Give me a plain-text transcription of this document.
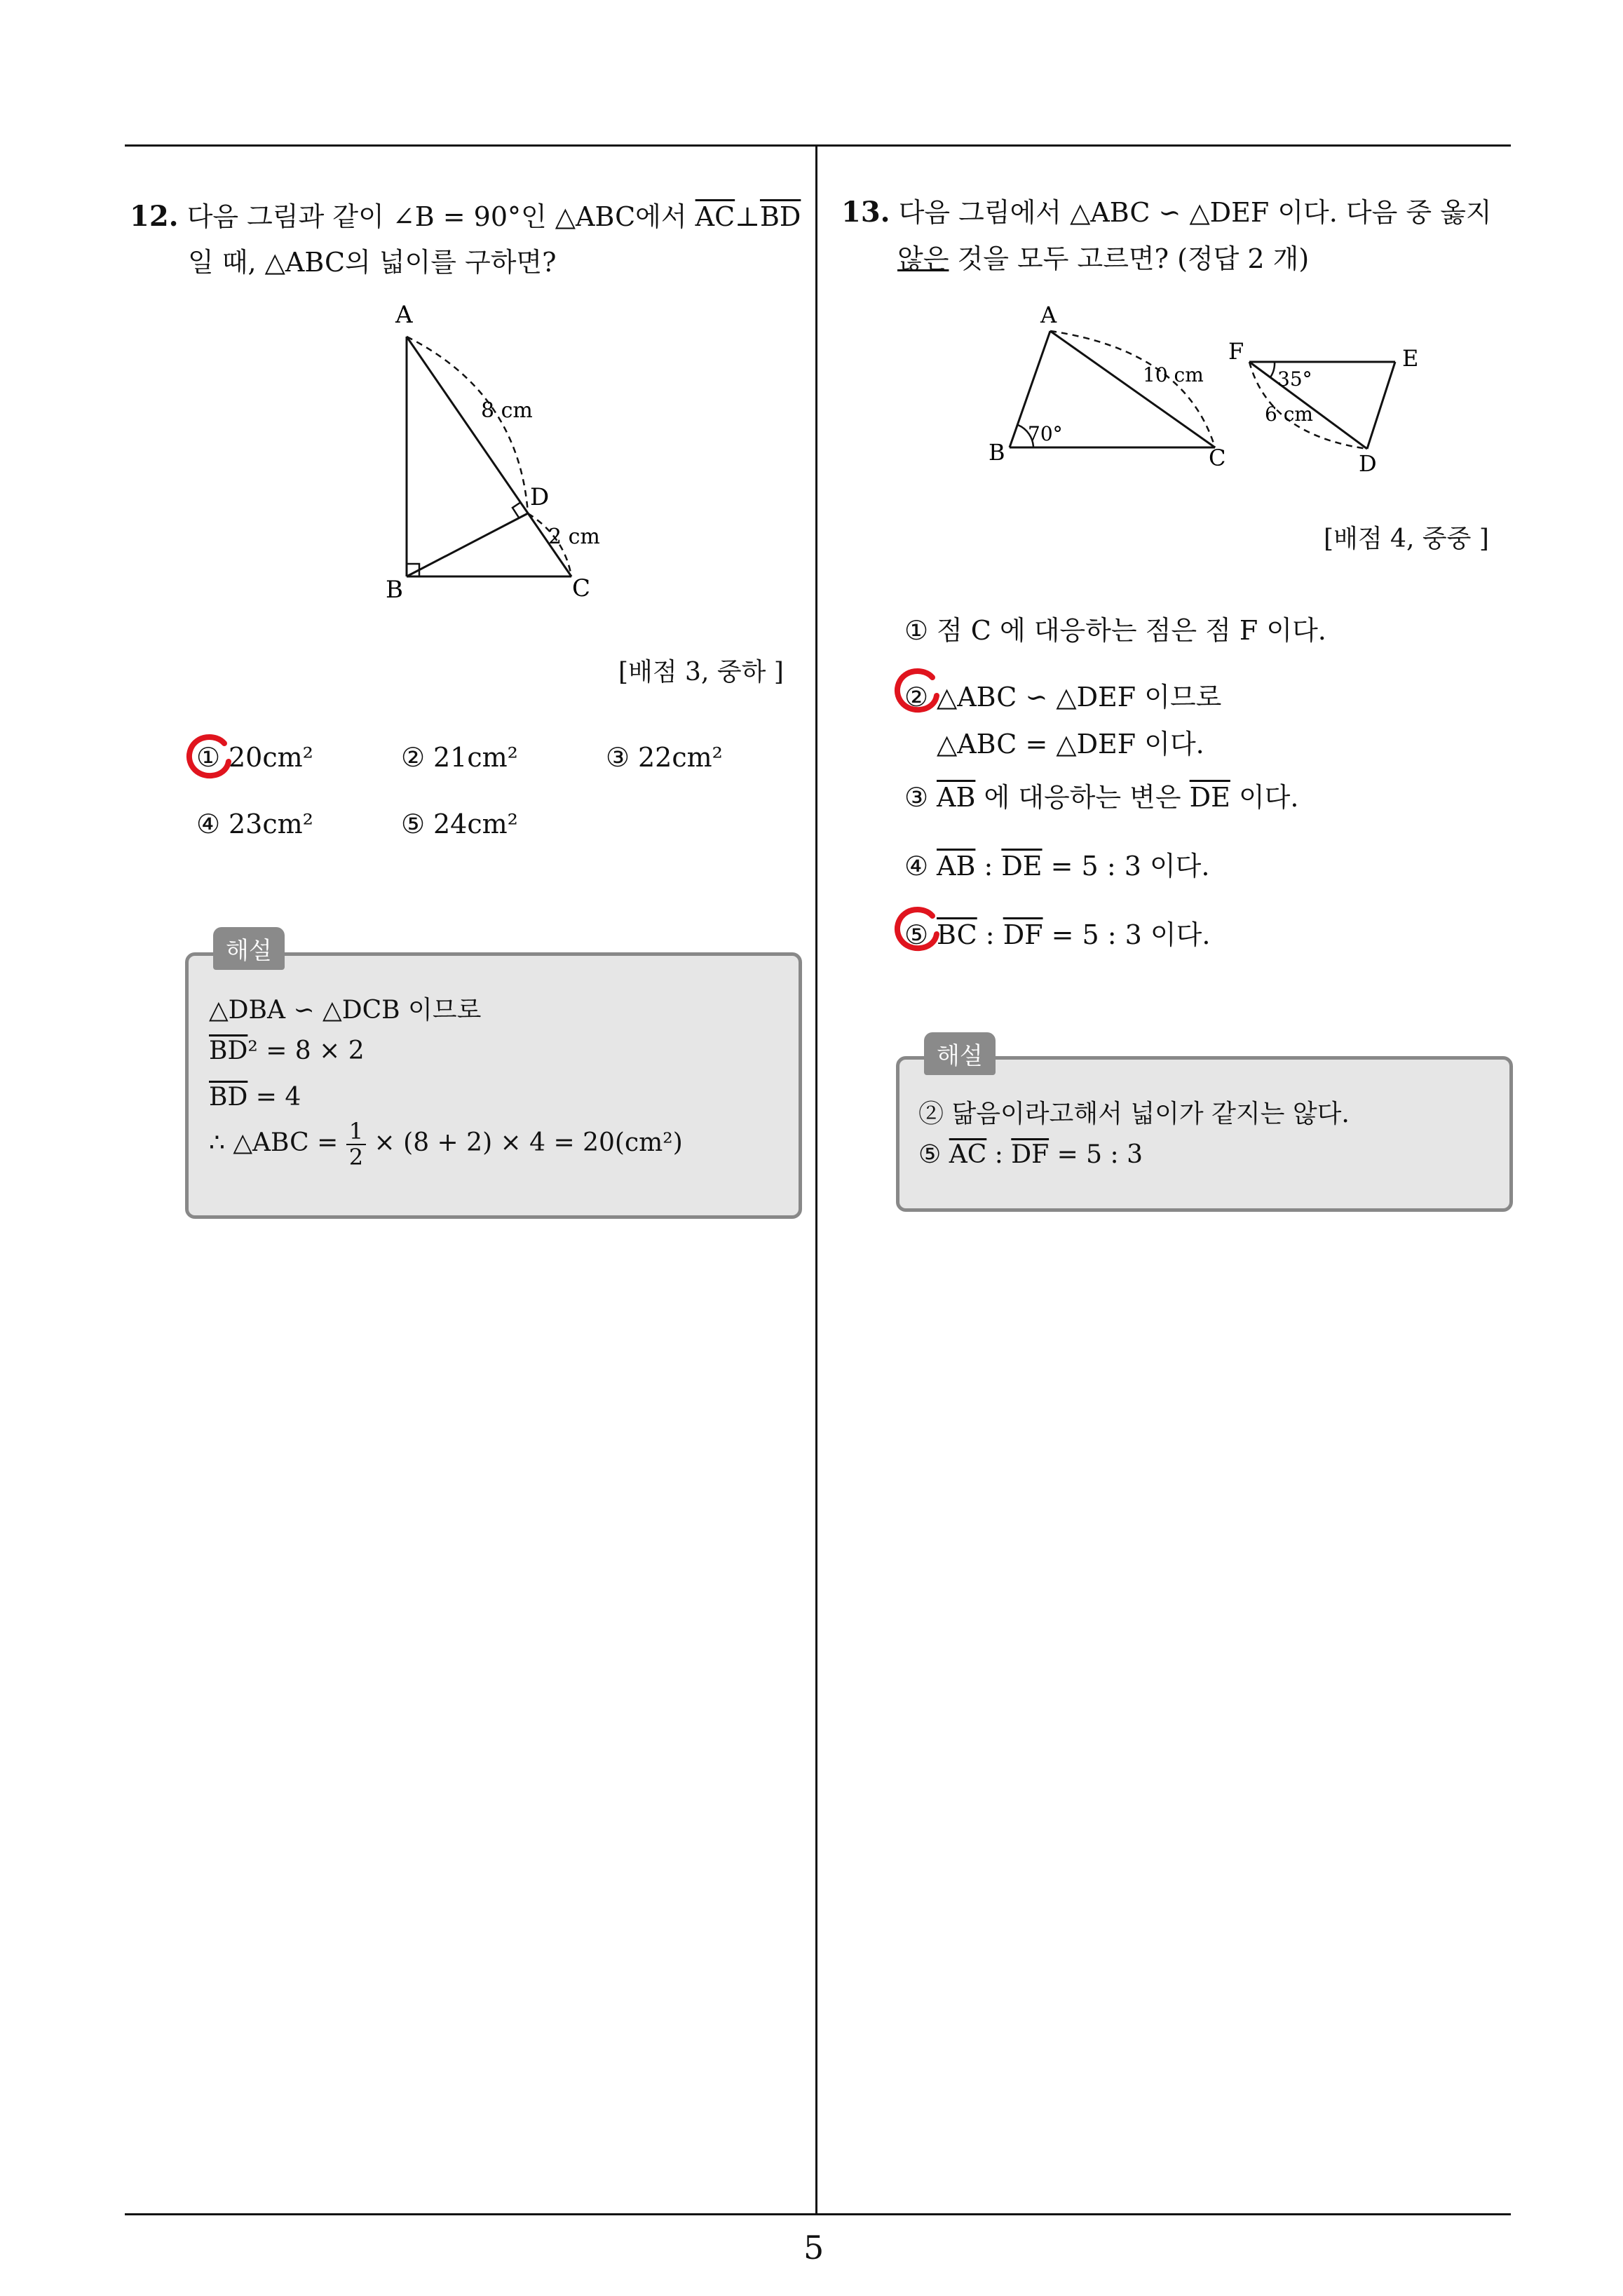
12. 다음 그림과 같이 ∠B = 90°인 △ABC에서 $\overline{AC}\perp\overline{BD}$
일 때, △ABC의 넓이를 구하면?
A
B	C
D
8 cm
2 cm
[배점 3, 중하 ]
① 20cm²	② 21cm²	③ 22cm²
④ 23cm²	⑤ 24cm²
해설
△DBA ∽ △DCB 이므로
$\overline{BD}^2 = 8 \times 2$
$\overline{BD} = 4$
∴ △ABC = $\frac{1}{2} \times (8 + 2) \times 4 = 20(cm^2)$
13. 다음 그림에서 △ABC ∽ △DEF 이다. 다음 중 옳지
않은 것을 모두 고르면? (정답 2 개)
A
B	C
70°
10 cm
F	E
D
35°
6 cm
[배점 4, 중중 ]
① 점 C 에 대응하는 점은 점 F 이다.
② △ABC ∽ △DEF 이므로
△ABC = △DEF 이다.
③ $\overline{AB}$ 에 대응하는 변은 $\overline{DE}$ 이다.
④ $\overline{AB}$ : $\overline{DE} = 5$ : 3 이다.
⑤ $\overline{BC}$ : $\overline{DF} = 5$ : 3 이다.
해설
② 닮음이라고해서 넓이가 같지는 않다.
⑤ $\overline{AC}$ : $\overline{DF} = 5$ : 3
5
